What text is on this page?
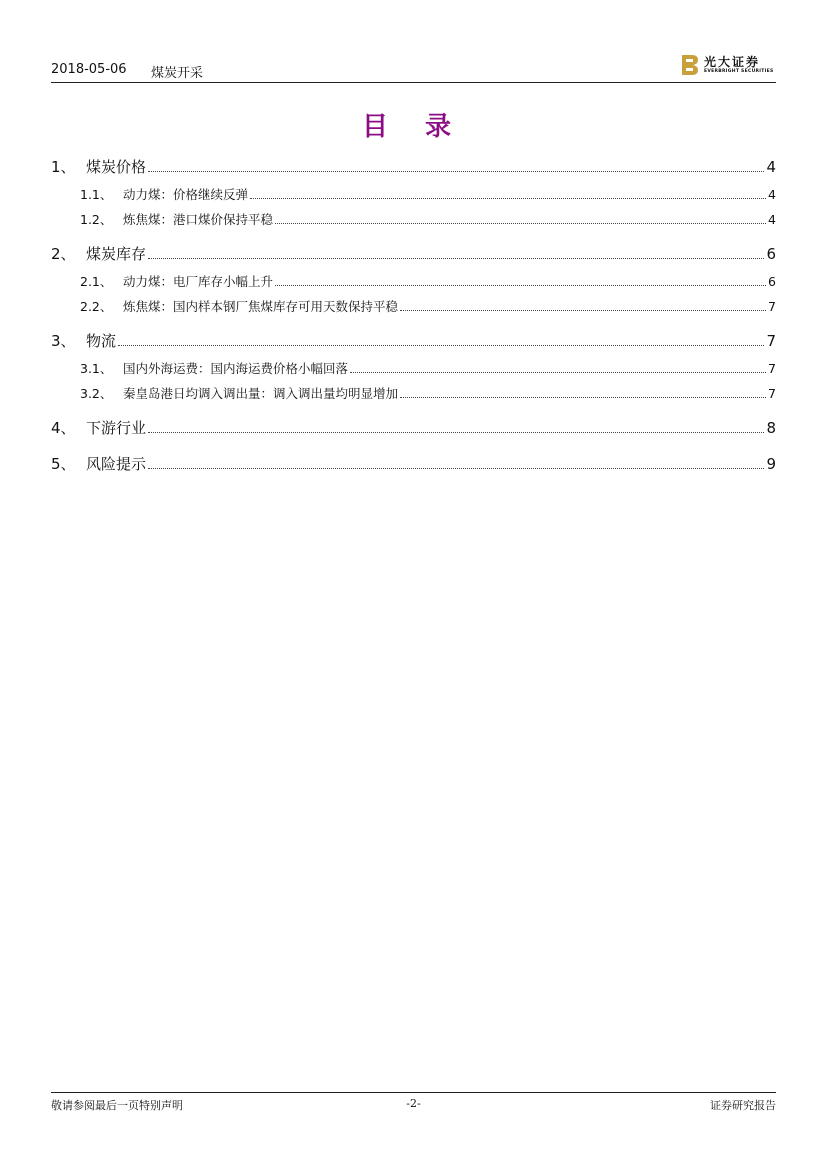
2018-05-06 煤炭开采
光大证券
EVERBRIGHT SECURITIES
目 录
1、 煤炭价格	4
1.1、 动力煤：价格继续反弹	4
1.2、 炼焦煤：港口煤价保持平稳	4
2、 煤炭库存	6
2.1、 动力煤：电厂库存小幅上升	6
2.2、 炼焦煤：国内样本钢厂焦煤库存可用天数保持平稳	7
3、 物流	7
3.1、 国内外海运费：国内海运费价格小幅回落	7
3.2、 秦皇岛港日均调入调出量：调入调出量均明显增加	7
4、 下游行业	8
5、 风险提示	9
敬请参阅最后一页特别声明	-2-	证券研究报告
